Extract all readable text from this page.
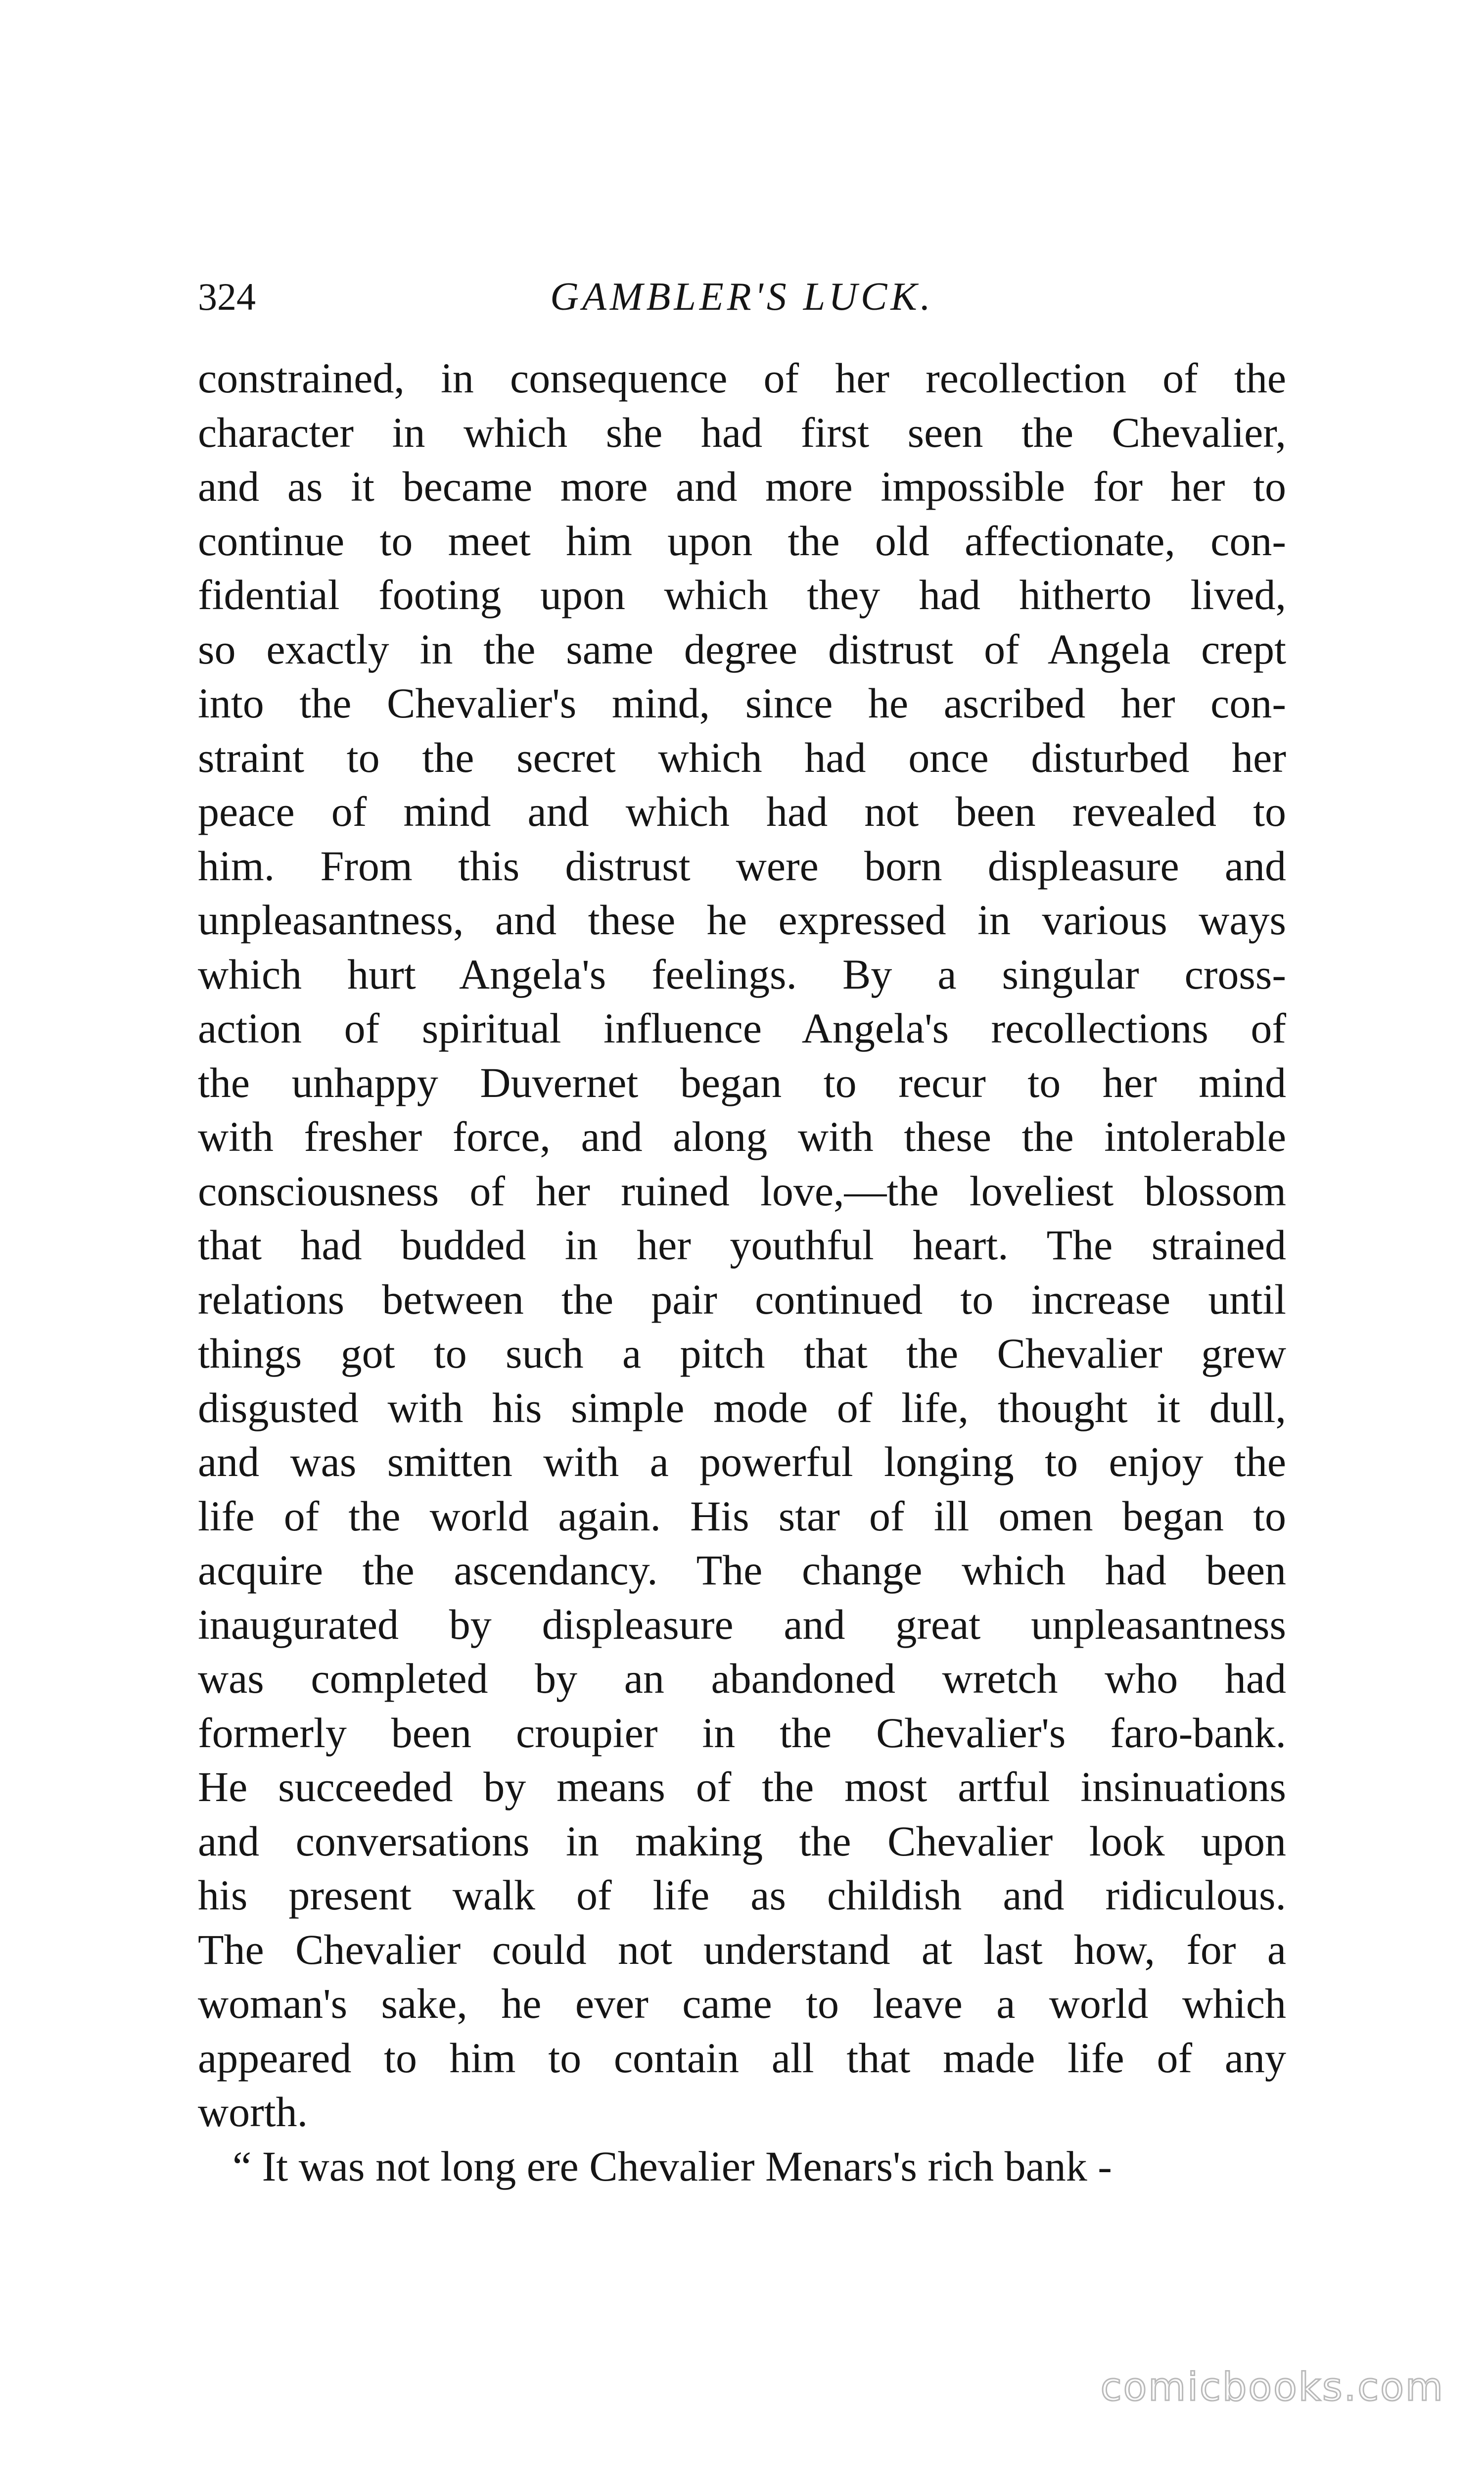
324	GAMBLER'S LUCK.
constrained, in consequence of her recollection of the
character in which she had first seen the Chevalier,
and as it became more and more impossible for her to
continue to meet him upon the old affectionate, con-
fidential footing upon which they had hitherto lived,
so exactly in the same degree distrust of Angela crept
into the Chevalier's mind, since he ascribed her con-
straint to the secret which had once disturbed her
peace of mind and which had not been revealed to
him. From this distrust were born displeasure and
unpleasantness, and these he expressed in various ways
which hurt Angela's feelings. By a singular cross-
action of spiritual influence Angela's recollections of
the unhappy Duvernet began to recur to her mind
with fresher force, and along with these the intolerable
consciousness of her ruined love,—the loveliest blossom
that had budded in her youthful heart. The strained
relations between the pair continued to increase until
things got to such a pitch that the Chevalier grew
disgusted with his simple mode of life, thought it dull,
and was smitten with a powerful longing to enjoy the
life of the world again. His star of ill omen began to
acquire the ascendancy. The change which had been
inaugurated by displeasure and great unpleasantness
was completed by an abandoned wretch who had
formerly been croupier in the Chevalier's faro-bank.
He succeeded by means of the most artful insinuations
and conversations in making the Chevalier look upon
his present walk of life as childish and ridiculous.
The Chevalier could not understand at last how, for a
woman's sake, he ever came to leave a world which
appeared to him to contain all that made life of any
worth.
“ It was not long ere Chevalier Menars's rich bank -
comicbooks.com
